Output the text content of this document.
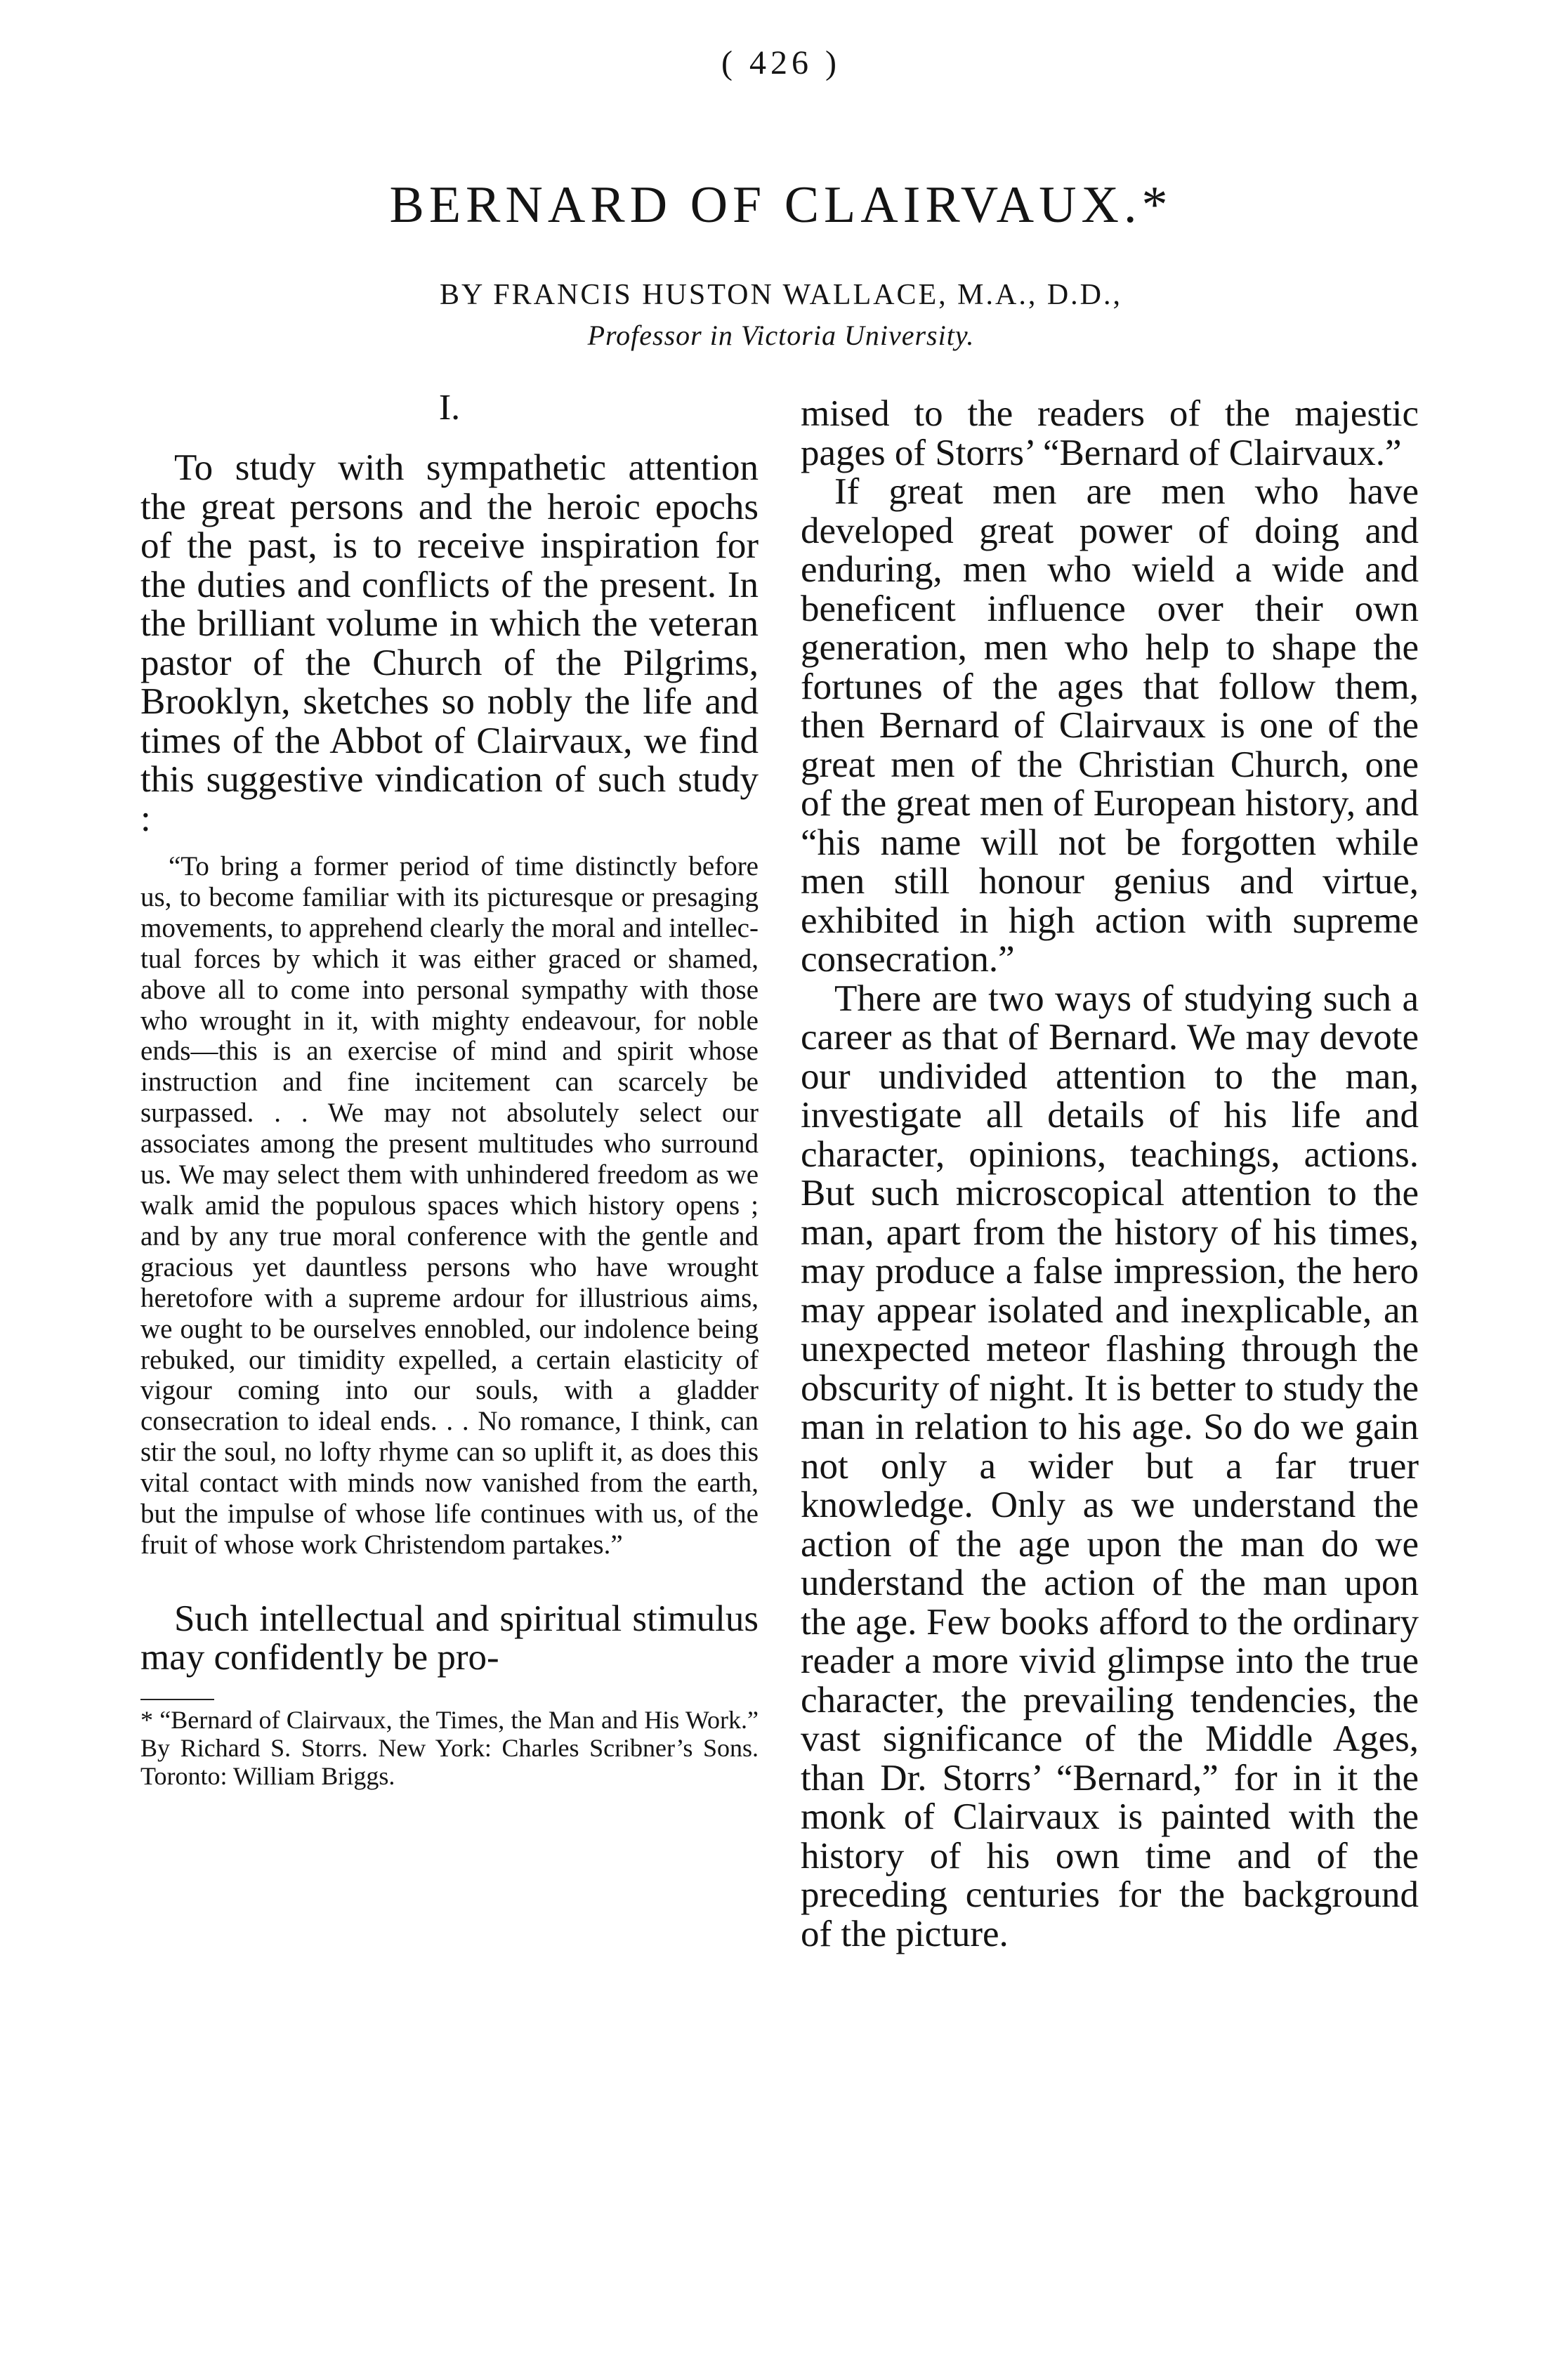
( 426 )
BERNARD OF CLAIRVAUX.*
BY FRANCIS HUSTON WALLACE, M.A., D.D.,
Professor in Victoria University.
I.

To study with sympathetic attention the great persons and the heroic epochs of the past, is to receive inspiration for the duties and conflicts of the present. In the brilliant volume in which the veteran pastor of the Church of the Pilgrims, Brooklyn, sketches so nobly the life and times of the Abbot of Clairvaux, we find this suggestive vindication of such study :

“To bring a former period of time distinctly before us, to become familiar with its picturesque or presaging movements, to apprehend clearly the moral and intellectual forces by which it was either graced or shamed, above all to come into personal sympathy with those who wrought in it, with mighty endeavour, for noble ends—this is an exercise of mind and spirit whose instruction and fine incitement can scarcely be surpassed. . . We may not absolutely select our associates among the present multitudes who surround us. We may select them with unhindered freedom as we walk amid the populous spaces which history opens ; and by any true moral conference with the gentle and gracious yet dauntless persons who have wrought heretofore with a supreme ardour for illustrious aims, we ought to be ourselves ennobled, our indolence being rebuked, our timidity expelled, a certain elasticity of vigour coming into our souls, with a gladder consecration to ideal ends. . . No romance, I think, can stir the soul, no lofty rhyme can so uplift it, as does this vital contact with minds now vanished from the earth, but the impulse of whose life continues with us, of the fruit of whose work Christendom partakes.”

Such intellectual and spiritual stimulus may confidently be pro-

* “Bernard of Clairvaux, the Times, the Man and His Work.” By Richard S. Storrs. New York: Charles Scribner’s Sons. Toronto: William Briggs.

mised to the readers of the majestic pages of Storrs’ “Bernard of Clairvaux.”

If great men are men who have developed great power of doing and enduring, men who wield a wide and beneficent influence over their own generation, men who help to shape the fortunes of the ages that follow them, then Bernard of Clairvaux is one of the great men of the Christian Church, one of the great men of European history, and “his name will not be forgotten while men still honour genius and virtue, exhibited in high action with supreme consecration.”

There are two ways of studying such a career as that of Bernard. We may devote our undivided attention to the man, investigate all details of his life and character, opinions, teachings, actions. But such microscopical attention to the man, apart from the history of his times, may produce a false impression, the hero may appear isolated and inexplicable, an unexpected meteor flashing through the obscurity of night. It is better to study the man in relation to his age. So do we gain not only a wider but a far truer knowledge. Only as we understand the action of the age upon the man do we understand the action of the man upon the age. Few books afford to the ordinary reader a more vivid glimpse into the true character, the prevailing tendencies, the vast significance of the Middle Ages, than Dr. Storrs’ “Bernard,” for in it the monk of Clairvaux is painted with the history of his own time and of the preceding centuries for the background of the picture.
